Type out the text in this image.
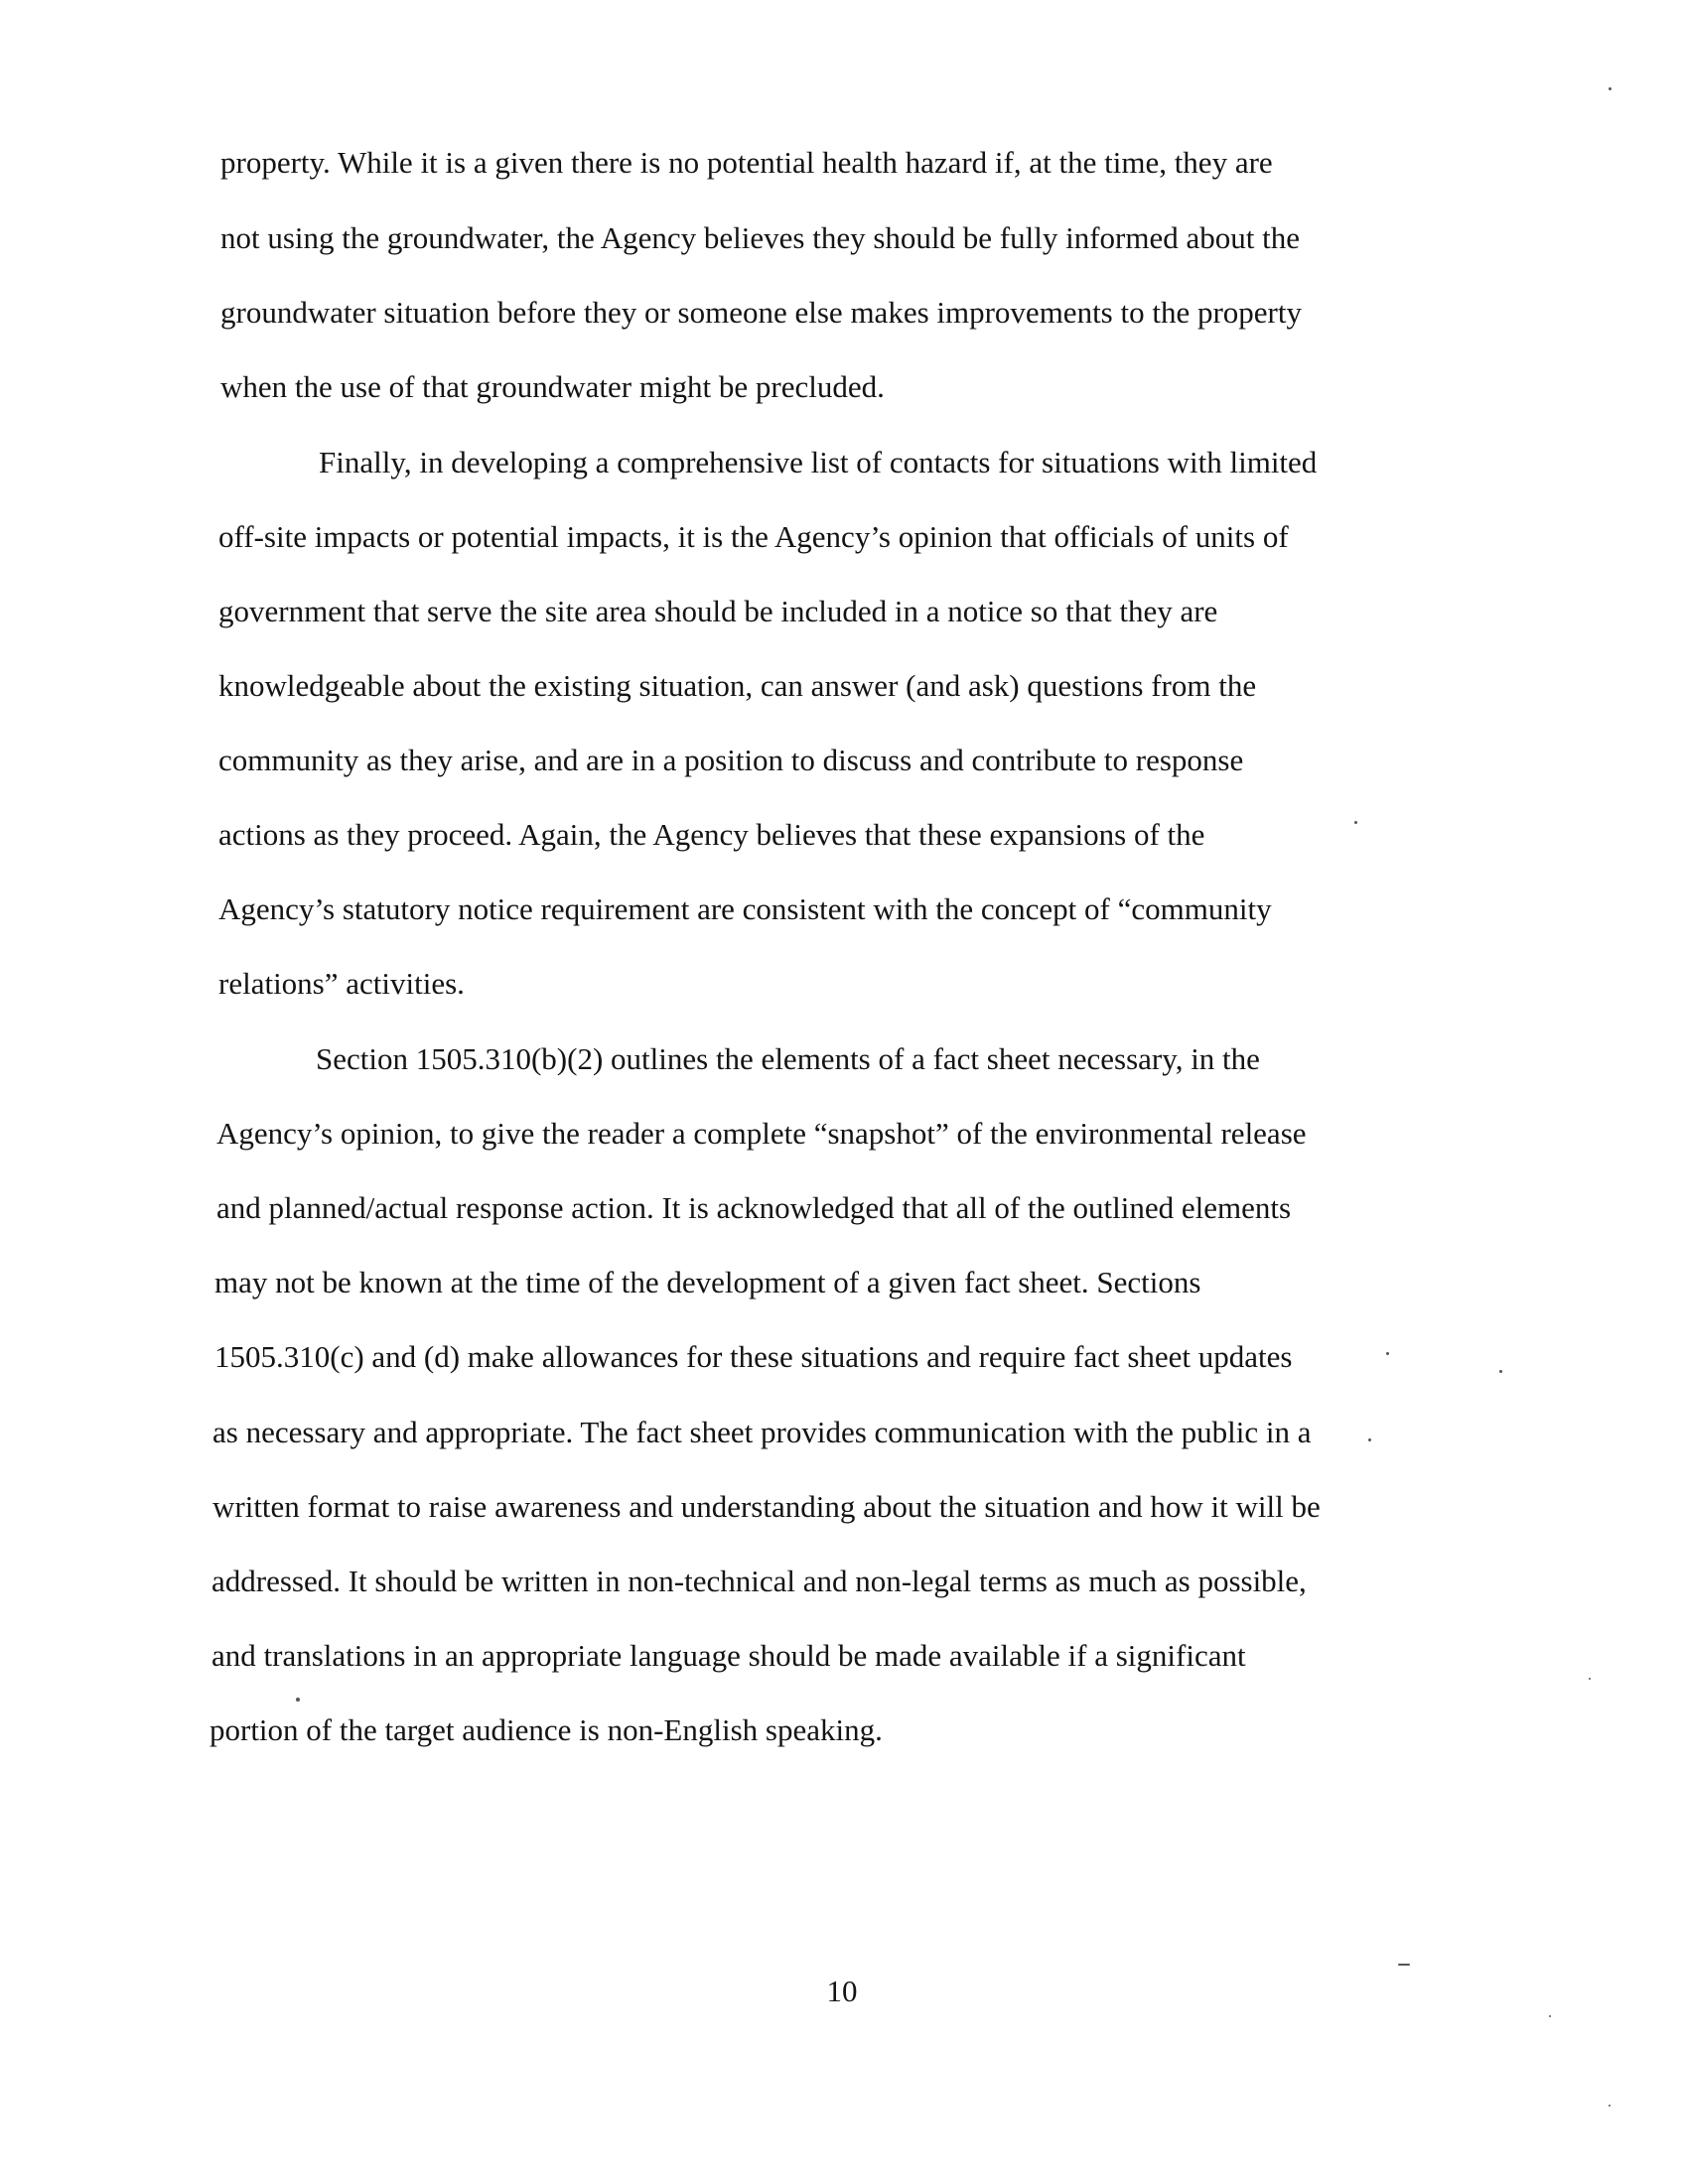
property. While it is a given there is no potential health hazard if, at the time, they are
not using the groundwater, the Agency believes they should be fully informed about the
groundwater situation before they or someone else makes improvements to the property
when the use of that groundwater might be precluded.
Finally, in developing a comprehensive list of contacts for situations with limited
off-site impacts or potential impacts, it is the Agency’s opinion that officials of units of
government that serve the site area should be included in a notice so that they are
knowledgeable about the existing situation, can answer (and ask) questions from the
community as they arise, and are in a position to discuss and contribute to response
actions as they proceed. Again, the Agency believes that these expansions of the
Agency’s statutory notice requirement are consistent with the concept of “community
relations” activities.
Section 1505.310(b)(2) outlines the elements of a fact sheet necessary, in the
Agency’s opinion, to give the reader a complete “snapshot” of the environmental release
and planned/actual response action. It is acknowledged that all of the outlined elements
may not be known at the time of the development of a given fact sheet. Sections
1505.310(c) and (d) make allowances for these situations and require fact sheet updates
as necessary and appropriate. The fact sheet provides communication with the public in a
written format to raise awareness and understanding about the situation and how it will be
addressed. It should be written in non-technical and non-legal terms as much as possible,
and translations in an appropriate language should be made available if a significant
portion of the target audience is non-English speaking.
10
